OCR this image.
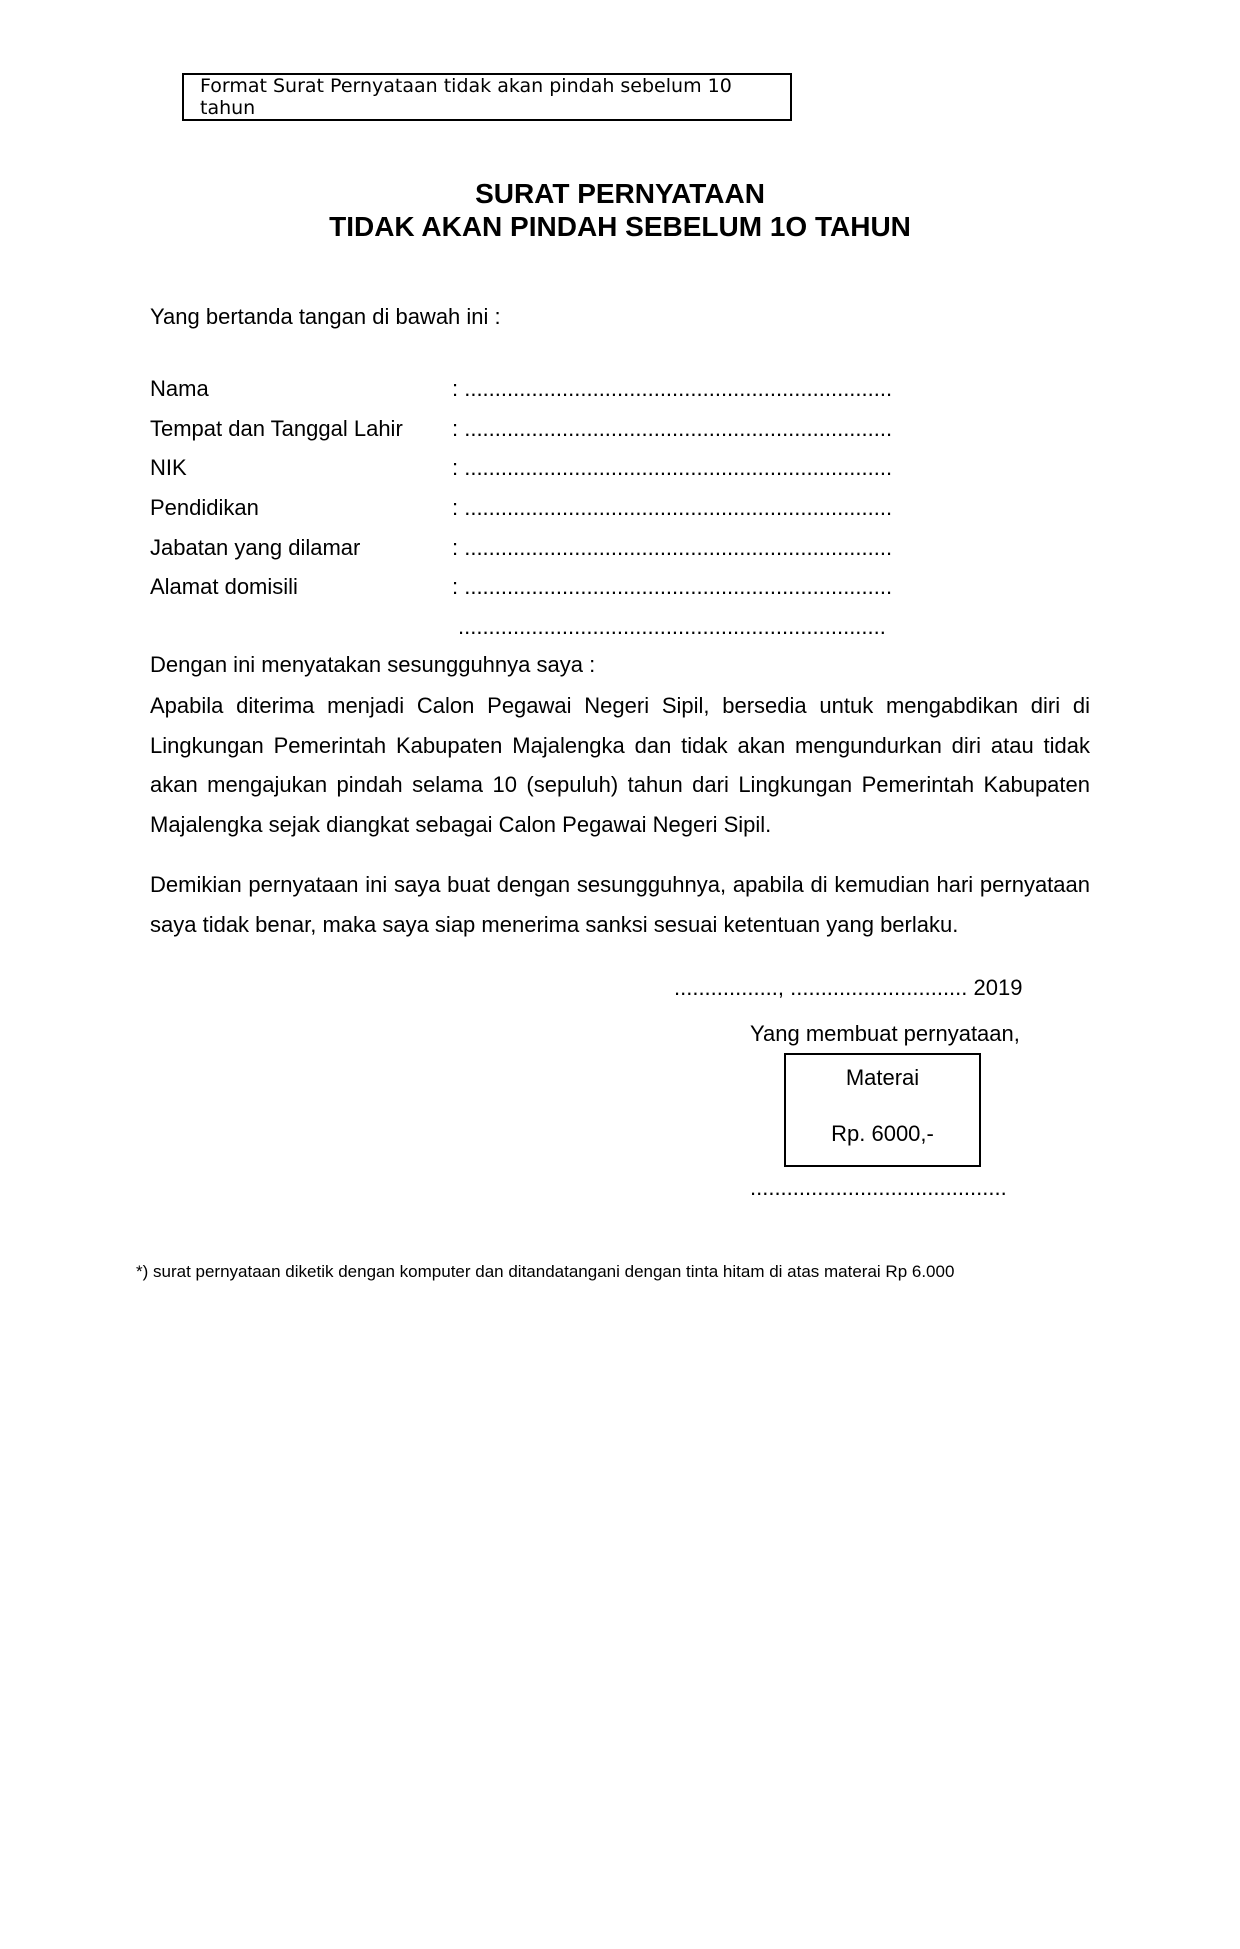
Format Surat Pernyataan tidak akan pindah sebelum 10 tahun
SURAT PERNYATAAN
TIDAK AKAN PINDAH SEBELUM 1O TAHUN
Yang bertanda tangan di bawah ini :
Nama	: ......................................................................
Tempat dan Tanggal Lahir : ......................................................................
NIK	: ......................................................................
Pendidikan	: ......................................................................
Jabatan yang dilamar	: ......................................................................
Alamat domisili	: ......................................................................
......................................................................
Dengan ini menyatakan sesungguhnya saya :
Apabila diterima menjadi Calon Pegawai Negeri Sipil, bersedia untuk mengabdikan diri di Lingkungan Pemerintah Kabupaten Majalengka dan tidak akan mengundurkan diri atau tidak akan mengajukan pindah selama 10 (sepuluh) tahun dari Lingkungan Pemerintah Kabupaten Majalengka sejak diangkat sebagai Calon Pegawai Negeri Sipil.
Demikian pernyataan ini saya buat dengan sesungguhnya, apabila di kemudian hari pernyataan saya tidak benar, maka saya siap menerima sanksi sesuai ketentuan yang berlaku.
................., ............................. 2019
Yang membuat pernyataan,
Materai
Rp. 6000,-
..........................................
*) surat pernyataan diketik dengan komputer dan ditandatangani dengan tinta hitam di atas materai Rp 6.000
